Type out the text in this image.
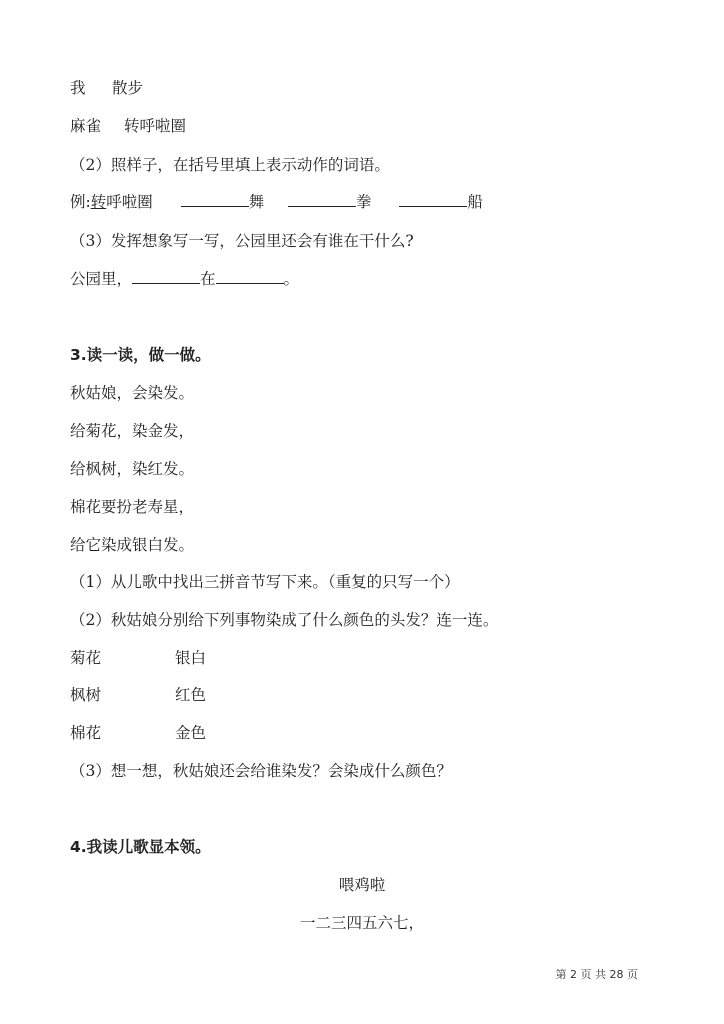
我 散步
麻雀 转呼啦圈
（2）照样子，在括号里填上表示动作的词语。
例:转呼啦圈	舞	拳	船
（3）发挥想象写一写，公园里还会有谁在干什么?
公园里，	在	。
3.读一读，做一做。
秋姑娘，会染发。
给菊花，染金发，
给枫树，染红发。
棉花要扮老寿星，
给它染成银白发。
（1）从儿歌中找出三拼音节写下来。（重复的只写一个）
（2）秋姑娘分别给下列事物染成了什么颜色的头发？连一连。
菊花	银白
枫树	红色
棉花	金色
（3）想一想，秋姑娘还会给谁染发？会染成什么颜色？
4.我读儿歌显本领。
喂鸡啦
一二三四五六七，
第 2 页 共 28 页
